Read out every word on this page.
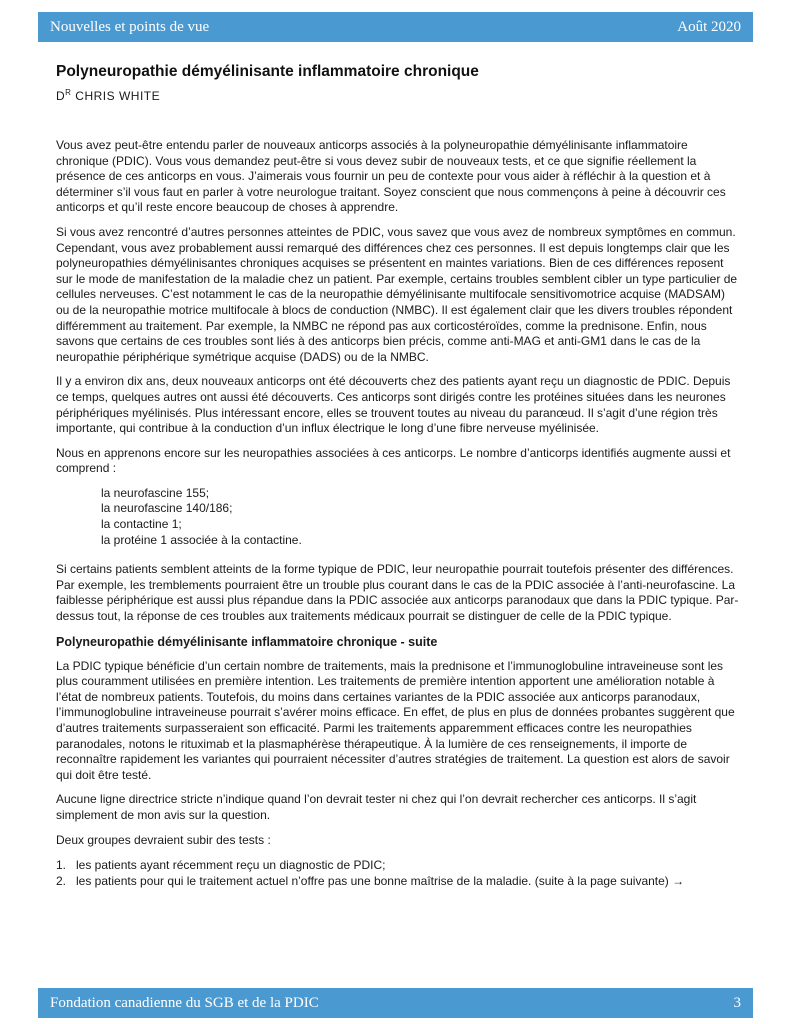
Nouvelles et points de vue	Août 2020
Polyneuropathie démyélinisante inflammatoire chronique
$D^R$ CHRIS WHITE

Vous avez peut-être entendu parler de nouveaux anticorps associés à la polyneuropathie démyélinisante inflammatoire chronique (PDIC). Vous vous demandez peut-être si vous devez subir de nouveaux tests, et ce que signifie réellement la présence de ces anticorps en vous. J’aimerais vous fournir un peu de contexte pour vous aider à réfléchir à la question et à déterminer s’il vous faut en parler à votre neurologue traitant. Soyez conscient que nous commençons à peine à découvrir ces anticorps et qu’il reste encore beaucoup de choses à apprendre.

Si vous avez rencontré d’autres personnes atteintes de PDIC, vous savez que vous avez de nombreux symptômes en commun. Cependant, vous avez probablement aussi remarqué des différences chez ces personnes. Il est depuis longtemps clair que les polyneuropathies démyélinisantes chroniques acquises se présentent en maintes variations. Bien de ces différences reposent sur le mode de manifestation de la maladie chez un patient. Par exemple, certains troubles semblent cibler un type particulier de cellules nerveuses. C’est notamment le cas de la neuropathie démyélinisante multifocale sensitivomotrice acquise (MADSAM) ou de la neuropathie motrice multifocale à blocs de conduction (NMBC). Il est également clair que les divers troubles répondent différemment au traitement. Par exemple, la NMBC ne répond pas aux corticostéroïdes, comme la prednisone. Enfin, nous savons que certains de ces troubles sont liés à des anticorps bien précis, comme anti-MAG et anti-GM1 dans le cas de la neuropathie périphérique symétrique acquise (DADS) ou de la NMBC.

Il y a environ dix ans, deux nouveaux anticorps ont été découverts chez des patients ayant reçu un diagnostic de PDIC. Depuis ce temps, quelques autres ont aussi été découverts. Ces anticorps sont dirigés contre les protéines situées dans les neurones périphériques myélinisés. Plus intéressant encore, elles se trouvent toutes au niveau du paranœud. Il s’agit d’une région très importante, qui contribue à la conduction d’un influx électrique le long d’une fibre nerveuse myélinisée.

Nous en apprenons encore sur les neuropathies associées à ces anticorps. Le nombre d’anticorps identifiés augmente aussi et comprend :

la neurofascine 155;
la neurofascine 140/186;
la contactine 1;
la protéine 1 associée à la contactine.

Si certains patients semblent atteints de la forme typique de PDIC, leur neuropathie pourrait toutefois présenter des différences. Par exemple, les tremblements pourraient être un trouble plus courant dans le cas de la PDIC associée à l’anti-neurofascine. La faiblesse périphérique est aussi plus répandue dans la PDIC associée aux anticorps paranodaux que dans la PDIC typique. Par-dessus tout, la réponse de ces troubles aux traitements médicaux pourrait se distinguer de celle de la PDIC typique.

Polyneuropathie démyélinisante inflammatoire chronique - suite

La PDIC typique bénéficie d’un certain nombre de traitements, mais la prednisone et l’immunoglobuline intraveineuse sont les plus couramment utilisées en première intention. Les traitements de première intention apportent une amélioration notable à l’état de nombreux patients. Toutefois, du moins dans certaines variantes de la PDIC associée aux anticorps paranodaux, l’immunoglobuline intraveineuse pourrait s’avérer moins efficace. En effet, de plus en plus de données probantes suggèrent que d’autres traitements surpasseraient son efficacité. Parmi les traitements apparemment efficaces contre les neuropathies paranodales, notons le rituximab et la plasmaphérèse thérapeutique. À la lumière de ces renseignements, il importe de reconnaître rapidement les variantes qui pourraient nécessiter d’autres stratégies de traitement. La question est alors de savoir qui doit être testé.

Aucune ligne directrice stricte n’indique quand l’on devrait tester ni chez qui l’on devrait rechercher ces anticorps. Il s’agit simplement de mon avis sur la question.

Deux groupes devraient subir des tests :

1. les patients ayant récemment reçu un diagnostic de PDIC;
2. les patients pour qui le traitement actuel n’offre pas une bonne maîtrise de la maladie. (suite à la page suivante) →
Fondation canadienne du SGB et de la PDIC	3
